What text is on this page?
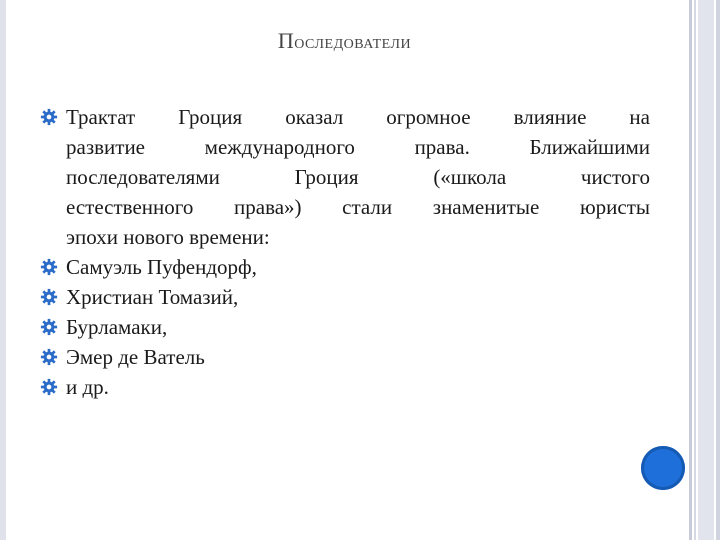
Последователи
Трактат Гроция оказал огромное влияние на
развитие международного права. Ближайшими
последователями Гроция («школа чистого
естественного права») стали знаменитые юристы
эпохи нового времени:
Самуэль Пуфендорф,
Христиан Томазий,
Бурламаки,
Эмер де Ватель
и др.
